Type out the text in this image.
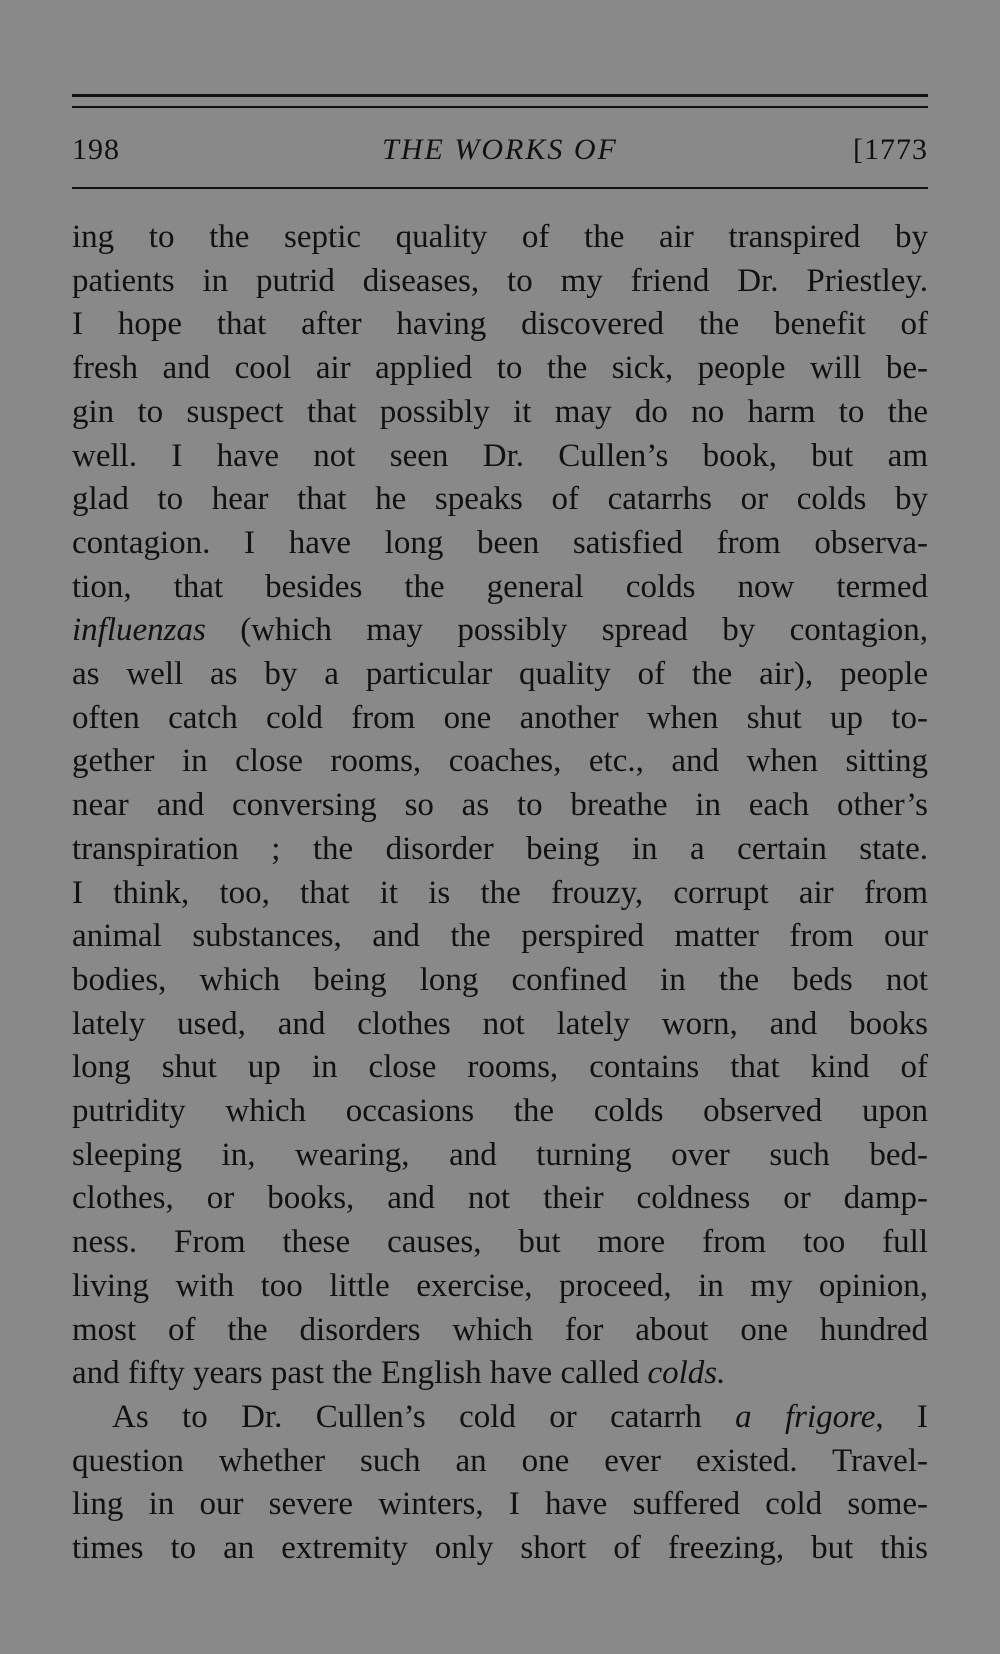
198	THE WORKS OF	[1773

ing to the septic quality of the air transpired by
patients in putrid diseases, to my friend Dr. Priestley.
I hope that after having discovered the benefit of
fresh and cool air applied to the sick, people will be-
gin to suspect that possibly it may do no harm to the
well. I have not seen Dr. Cullen’s book, but am
glad to hear that he speaks of catarrhs or colds by
contagion. I have long been satisfied from observa-
tion, that besides the general colds now termed
influenzas (which may possibly spread by contagion,
as well as by a particular quality of the air), people
often catch cold from one another when shut up to-
gether in close rooms, coaches, etc., and when sitting
near and conversing so as to breathe in each other’s
transpiration ; the disorder being in a certain state.
I think, too, that it is the frouzy, corrupt air from
animal substances, and the perspired matter from our
bodies, which being long confined in the beds not
lately used, and clothes not lately worn, and books
long shut up in close rooms, contains that kind of
putridity which occasions the colds observed upon
sleeping in, wearing, and turning over such bed-
clothes, or books, and not their coldness or damp-
ness. From these causes, but more from too full
living with too little exercise, proceed, in my opinion,
most of the disorders which for about one hundred
and fifty years past the English have called colds.

As to Dr. Cullen’s cold or catarrh a frigore, I
question whether such an one ever existed. Travel-
ling in our severe winters, I have suffered cold some-
times to an extremity only short of freezing, but this
